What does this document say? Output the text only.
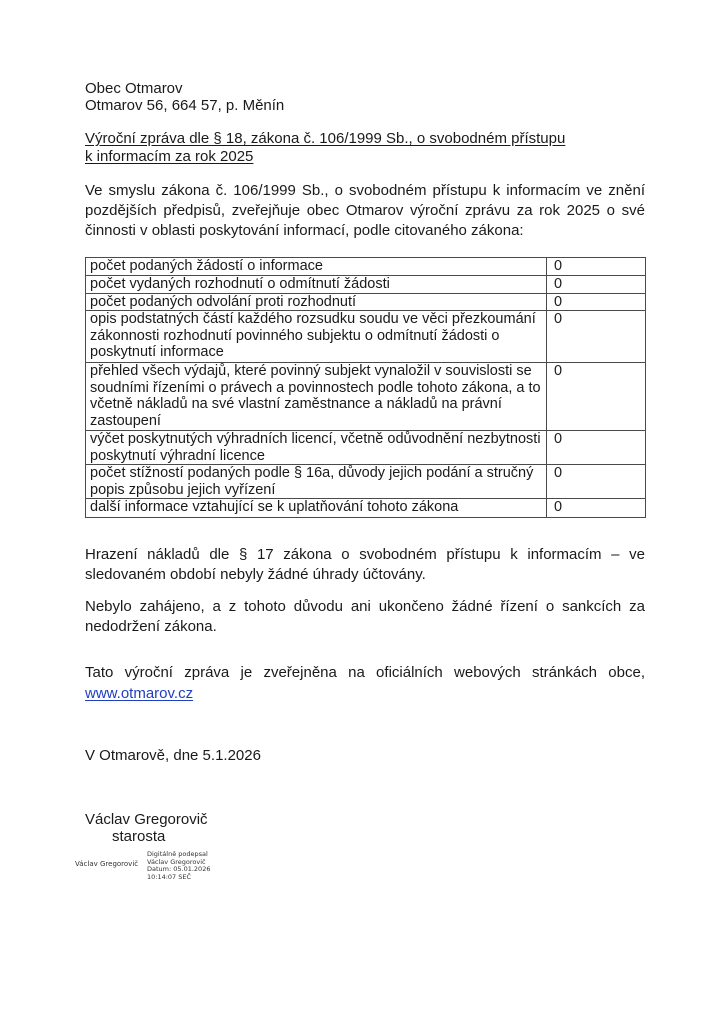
Obec Otmarov
Otmarov 56, 664 57, p. Měnín
Výroční zpráva dle § 18, zákona č. 106/1999 Sb., o svobodném přístupu
k informacím za rok 2025
Ve smyslu zákona č. 106/1999 Sb., o svobodném přístupu k informacím ve znění pozdějších předpisů, zveřejňuje obec Otmarov výroční zprávu za rok 2025 o své činnosti v oblasti poskytování informací, podle citovaného zákona:
počet podaných žádostí o informace	0
počet vydaných rozhodnutí o odmítnutí žádosti	0
počet podaných odvolání proti rozhodnutí	0
opis podstatných částí každého rozsudku soudu ve věci přezkoumání zákonnosti rozhodnutí povinného subjektu o odmítnutí žádosti o poskytnutí informace	0
přehled všech výdajů, které povinný subjekt vynaložil v souvislosti se soudními řízeními o právech a povinnostech podle tohoto zákona, a to včetně nákladů na své vlastní zaměstnance a nákladů na právní zastoupení	0
výčet poskytnutých výhradních licencí, včetně odůvodnění nezbytnosti poskytnutí výhradní licence	0
počet stížností podaných podle § 16a, důvody jejich podání a stručný popis způsobu jejich vyřízení	0
další informace vztahující se k uplatňování tohoto zákona	0
Hrazení nákladů dle § 17 zákona o svobodném přístupu k informacím – ve sledovaném období nebyly žádné úhrady účtovány.
Nebylo zahájeno, a z tohoto důvodu ani ukončeno žádné řízení o sankcích za nedodržení zákona.
Tato výroční zpráva je zveřejněna na oficiálních webových stránkách obce,
www.otmarov.cz
V Otmarově, dne 5.1.2026
Václav Gregorovič
starosta
Václav Gregorovič
Digitálně podepsal
Václav Gregorovič
Datum: 05.01.2026
10:14:07 SEČ
